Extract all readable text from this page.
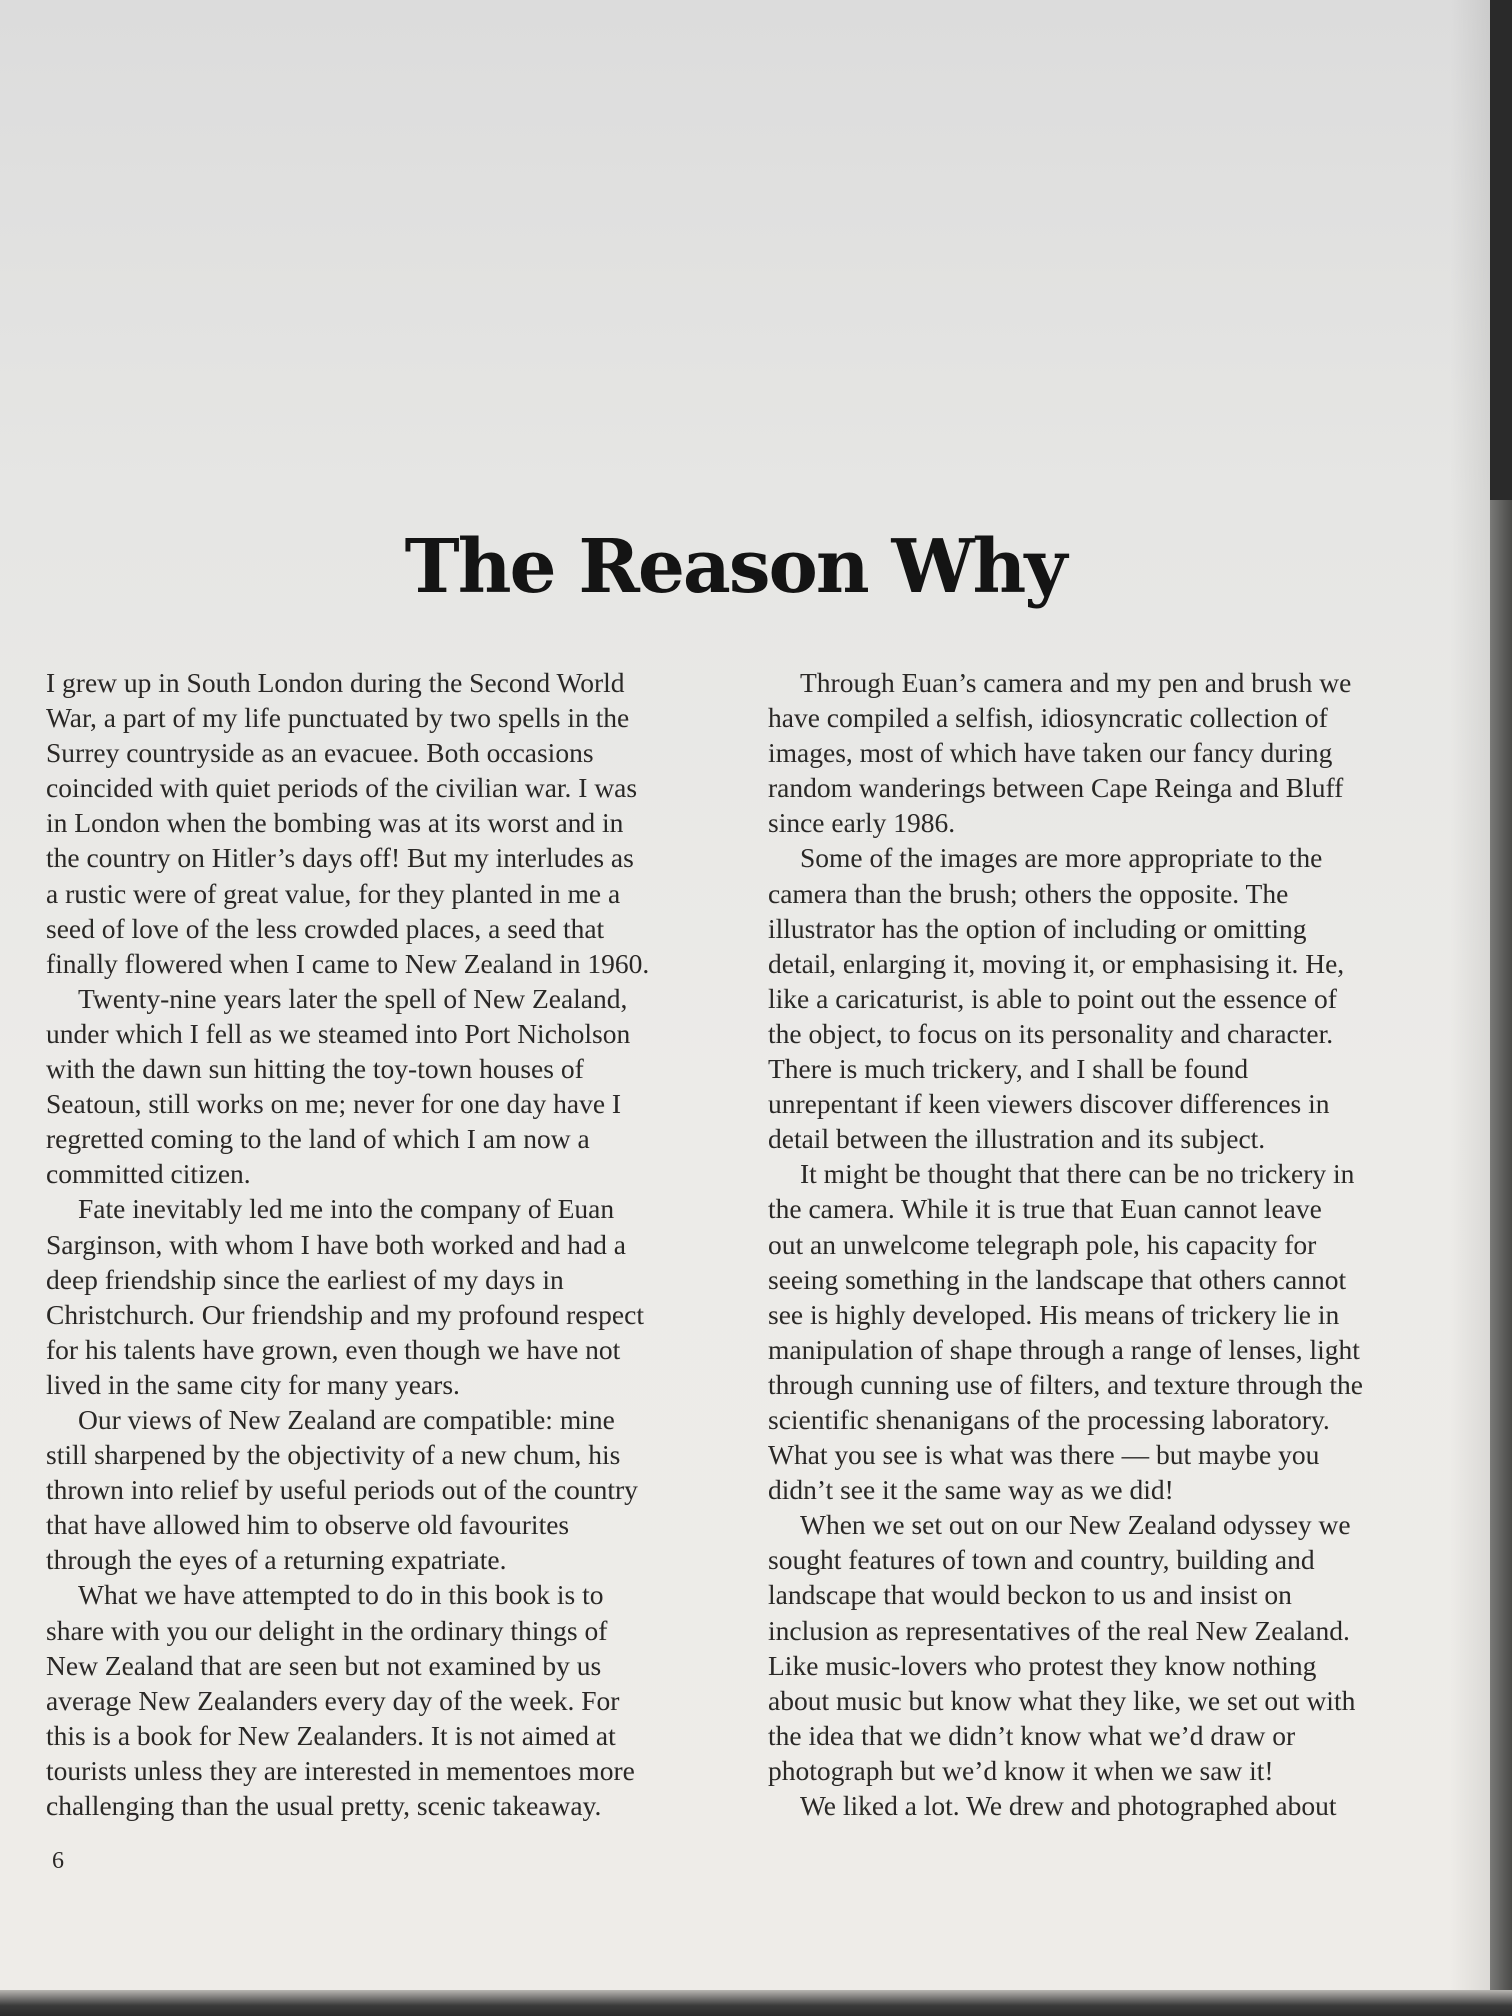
The Reason Why
I grew up in South London during the Second World
War, a part of my life punctuated by two spells in the
Surrey countryside as an evacuee. Both occasions
coincided with quiet periods of the civilian war. I was
in London when the bombing was at its worst and in
the country on Hitler’s days off! But my interludes as
a rustic were of great value, for they planted in me a
seed of love of the less crowded places, a seed that
finally flowered when I came to New Zealand in 1960.
Twenty-nine years later the spell of New Zealand,
under which I fell as we steamed into Port Nicholson
with the dawn sun hitting the toy-town houses of
Seatoun, still works on me; never for one day have I
regretted coming to the land of which I am now a
committed citizen.
Fate inevitably led me into the company of Euan
Sarginson, with whom I have both worked and had a
deep friendship since the earliest of my days in
Christchurch. Our friendship and my profound respect
for his talents have grown, even though we have not
lived in the same city for many years.
Our views of New Zealand are compatible: mine
still sharpened by the objectivity of a new chum, his
thrown into relief by useful periods out of the country
that have allowed him to observe old favourites
through the eyes of a returning expatriate.
What we have attempted to do in this book is to
share with you our delight in the ordinary things of
New Zealand that are seen but not examined by us
average New Zealanders every day of the week. For
this is a book for New Zealanders. It is not aimed at
tourists unless they are interested in mementoes more
challenging than the usual pretty, scenic takeaway.
Through Euan’s camera and my pen and brush we
have compiled a selfish, idiosyncratic collection of
images, most of which have taken our fancy during
random wanderings between Cape Reinga and Bluff
since early 1986.
Some of the images are more appropriate to the
camera than the brush; others the opposite. The
illustrator has the option of including or omitting
detail, enlarging it, moving it, or emphasising it. He,
like a caricaturist, is able to point out the essence of
the object, to focus on its personality and character.
There is much trickery, and I shall be found
unrepentant if keen viewers discover differences in
detail between the illustration and its subject.
It might be thought that there can be no trickery in
the camera. While it is true that Euan cannot leave
out an unwelcome telegraph pole, his capacity for
seeing something in the landscape that others cannot
see is highly developed. His means of trickery lie in
manipulation of shape through a range of lenses, light
through cunning use of filters, and texture through the
scientific shenanigans of the processing laboratory.
What you see is what was there — but maybe you
didn’t see it the same way as we did!
When we set out on our New Zealand odyssey we
sought features of town and country, building and
landscape that would beckon to us and insist on
inclusion as representatives of the real New Zealand.
Like music-lovers who protest they know nothing
about music but know what they like, we set out with
the idea that we didn’t know what we’d draw or
photograph but we’d know it when we saw it!
We liked a lot. We drew and photographed about
6
